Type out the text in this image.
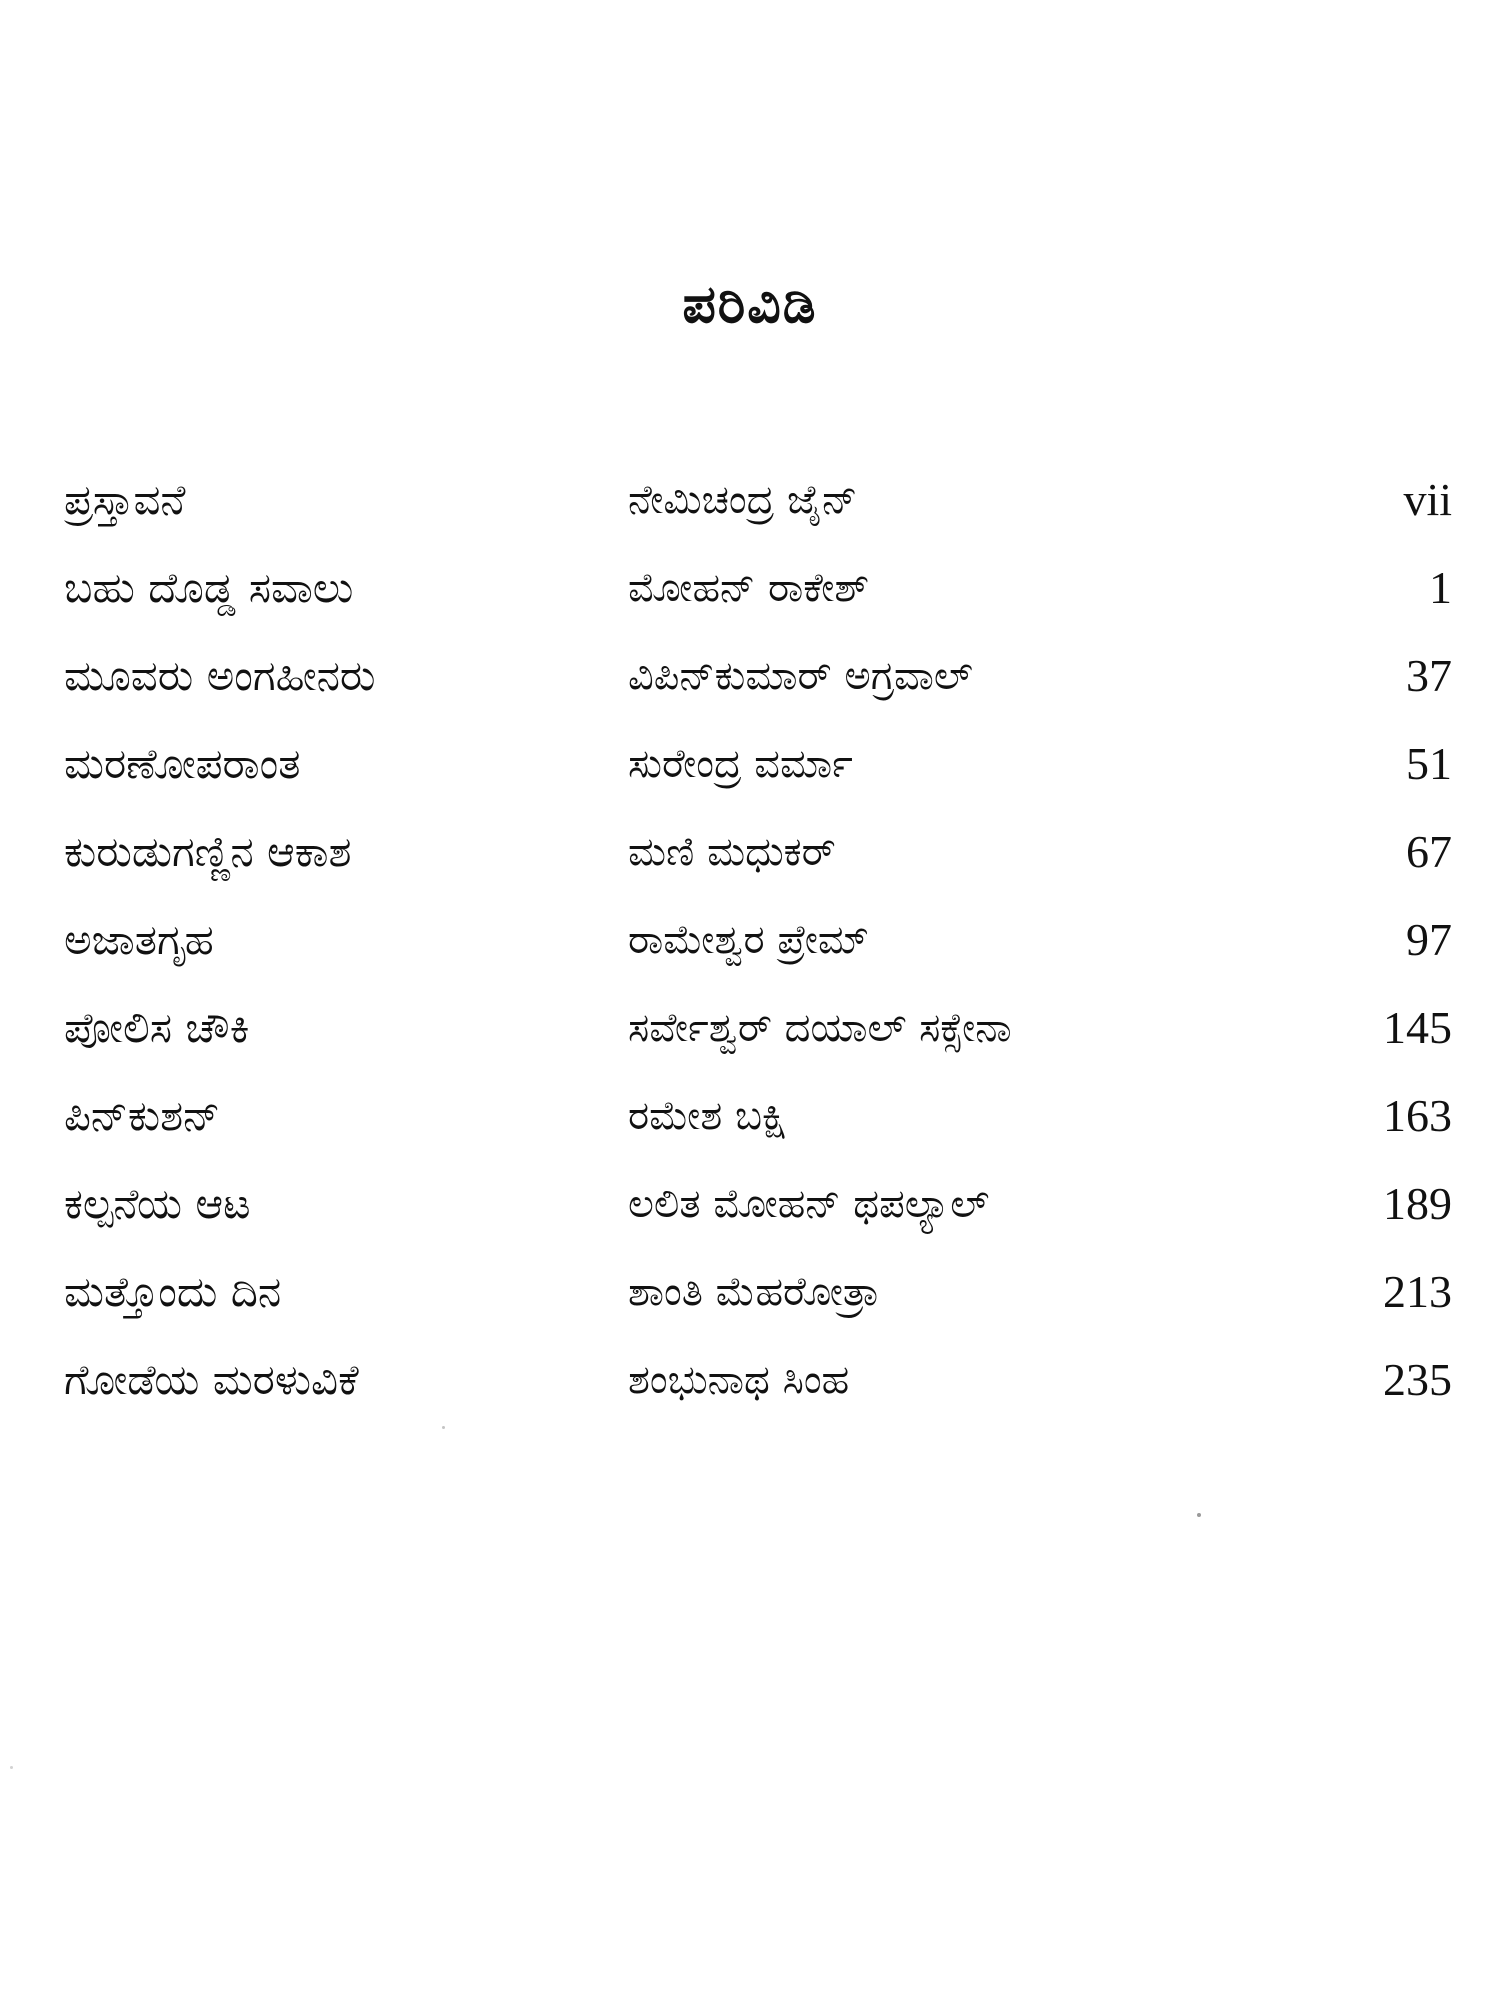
ಪರಿವಿಡಿ
ಪ್ರಸ್ತಾವನೆ	ನೇಮಿಚಂದ್ರ ಜೈನ್	vii
ಬಹು ದೊಡ್ಡ ಸವಾಲು	ಮೋಹನ್ ರಾಕೇಶ್	1
ಮೂವರು ಅಂಗಹೀನರು	ವಿಪಿನ್‌ಕುಮಾರ್ ಅಗ್ರವಾಲ್	37
ಮರಣೋಪರಾಂತ	ಸುರೇಂದ್ರ ವರ್ಮಾ	51
ಕುರುಡುಗಣ್ಣಿನ ಆಕಾಶ	ಮಣಿ ಮಧುಕರ್	67
ಅಜಾತಗೃಹ	ರಾಮೇಶ್ವರ ಪ್ರೇಮ್	97
ಪೋಲಿಸ ಚೌಕಿ	ಸರ್ವೇಶ್ವರ್ ದಯಾಲ್ ಸಕ್ಸೇನಾ	145
ಪಿನ್‌ಕುಶನ್	ರಮೇಶ ಬಕ್ಷಿ	163
ಕಲ್ಪನೆಯ ಆಟ	ಲಲಿತ ಮೋಹನ್ ಥಪಲ್ಯಾಲ್	189
ಮತ್ತೊಂದು ದಿನ	ಶಾಂತಿ ಮೆಹರೋತ್ರಾ	213
ಗೋಡೆಯ ಮರಳುವಿಕೆ	ಶಂಭುನಾಥ ಸಿಂಹ	235
